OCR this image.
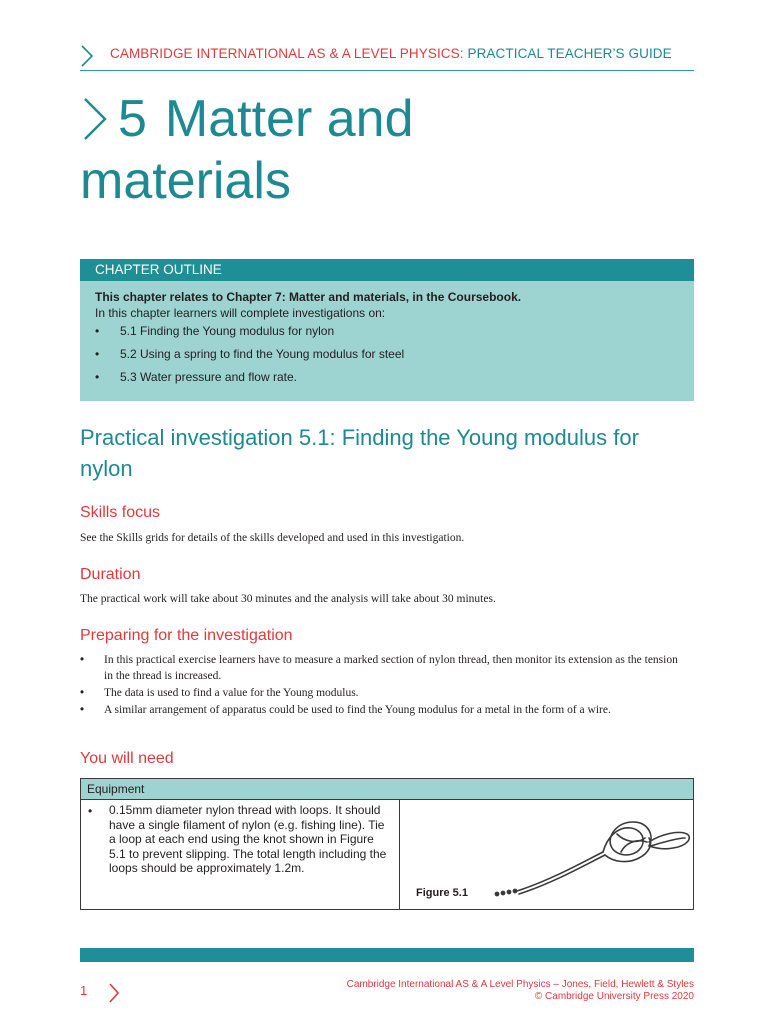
CAMBRIDGE INTERNATIONAL AS & A LEVEL PHYSICS: PRACTICAL TEACHER’S GUIDE
5 Matter and
materials
CHAPTER OUTLINE
This chapter relates to Chapter 7: Matter and materials, in the Coursebook.
In this chapter learners will complete investigations on:
• 5.1 Finding the Young modulus for nylon
• 5.2 Using a spring to find the Young modulus for steel
• 5.3 Water pressure and flow rate.
Practical investigation 5.1: Finding the Young modulus for nylon
Skills focus

See the Skills grids for details of the skills developed and used in this investigation.

Duration

The practical work will take about 30 minutes and the analysis will take about 30 minutes.

Preparing for the investigation
• In this practical exercise learners have to measure a marked section of nylon thread, then monitor its extension as the tension in the thread is increased.
• The data is used to find a value for the Young modulus.
• A similar arrangement of apparatus could be used to find the Young modulus for a metal in the form of a wire.
You will need
Equipment
• 0.15mm diameter nylon thread with loops. It should have a single filament of nylon (e.g. fishing line). Tie a loop at each end using the knot shown in Figure 5.1 to prevent slipping. The total length including the loops should be approximately 1.2m.
Figure 5.1
1	Cambridge International AS & A Level Physics – Jones, Field, Hewlett & Styles
© Cambridge University Press 2020
